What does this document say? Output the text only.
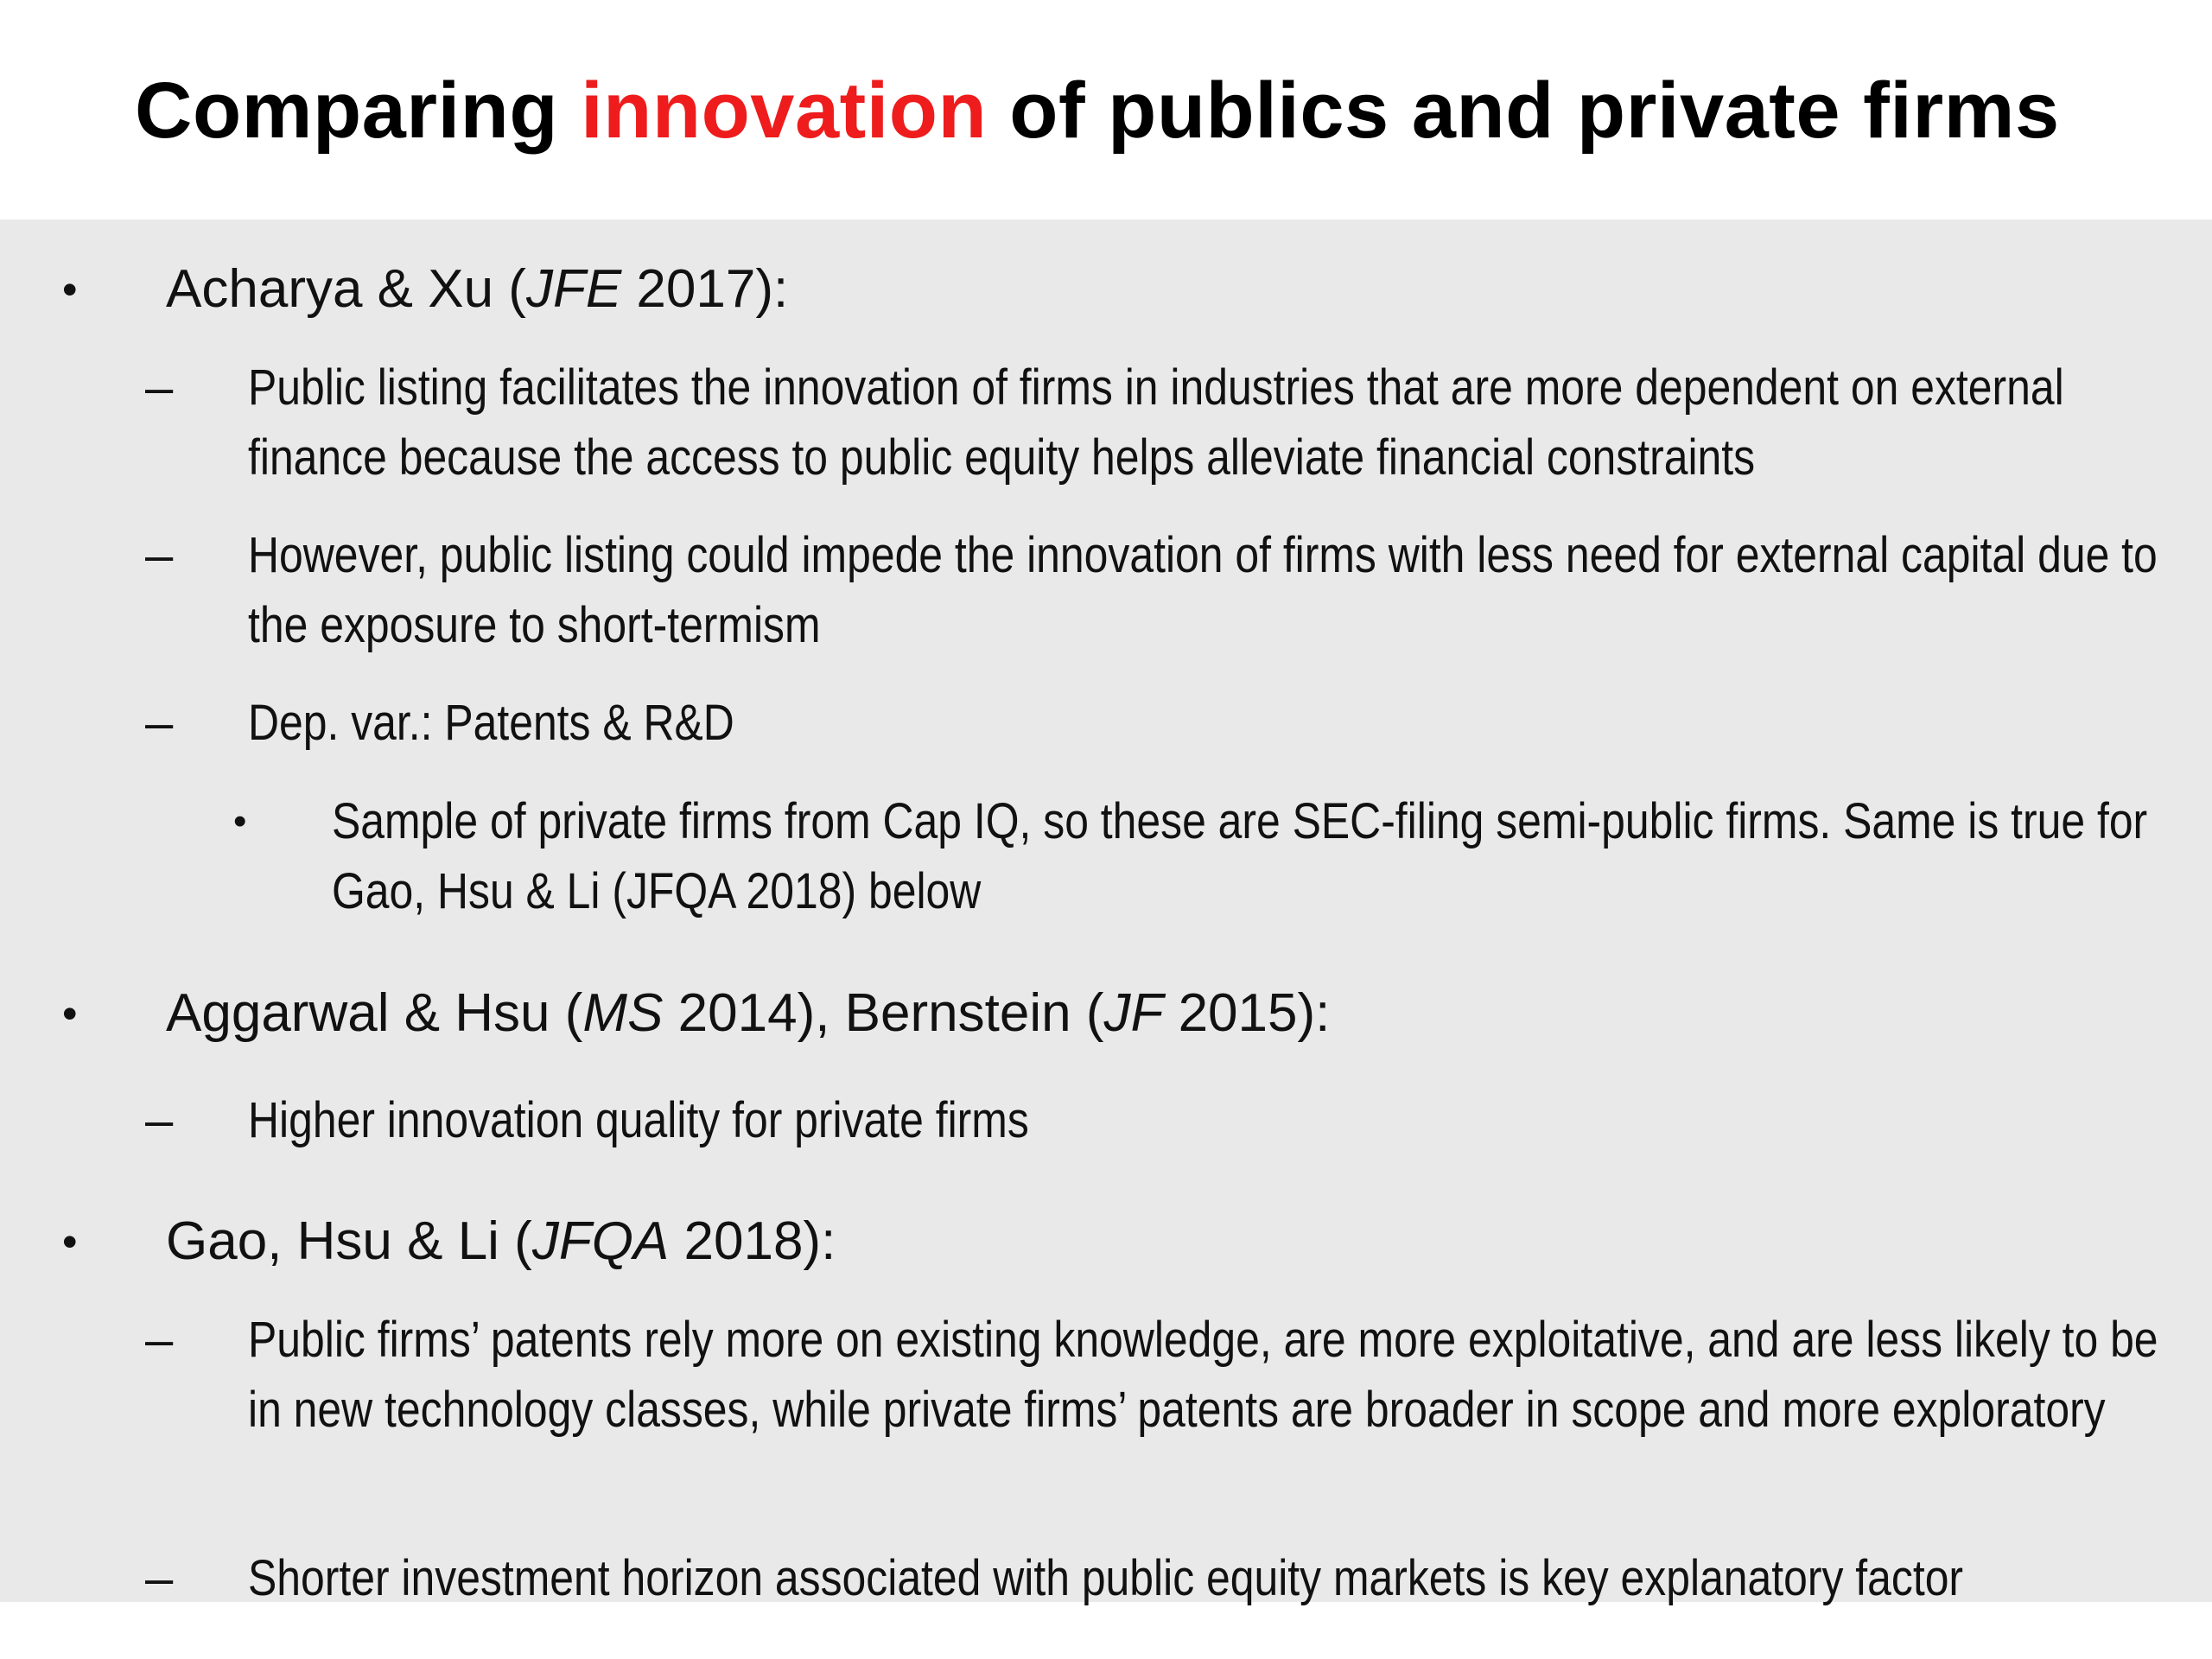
Comparing innovation of publics and private firms
• Acharya & Xu (JFE 2017):

– Public listing facilitates the innovation of firms in industries that are more dependent on external finance because the access to public equity helps alleviate financial constraints

– However, public listing could impede the innovation of firms with less need for external capital due to the exposure to short-termism

– Dep. var.: Patents & R&D

• Sample of private firms from Cap IQ, so these are SEC-filing semi-public firms. Same is true for Gao, Hsu & Li (JFQA 2018) below

• Aggarwal & Hsu (MS 2014), Bernstein (JF 2015):

– Higher innovation quality for private firms

• Gao, Hsu & Li (JFQA 2018):

– Public firms’ patents rely more on existing knowledge, are more exploitative, and are less likely to be in new technology classes, while private firms’ patents are broader in scope and more exploratory

– Shorter investment horizon associated with public equity markets is key explanatory factor
